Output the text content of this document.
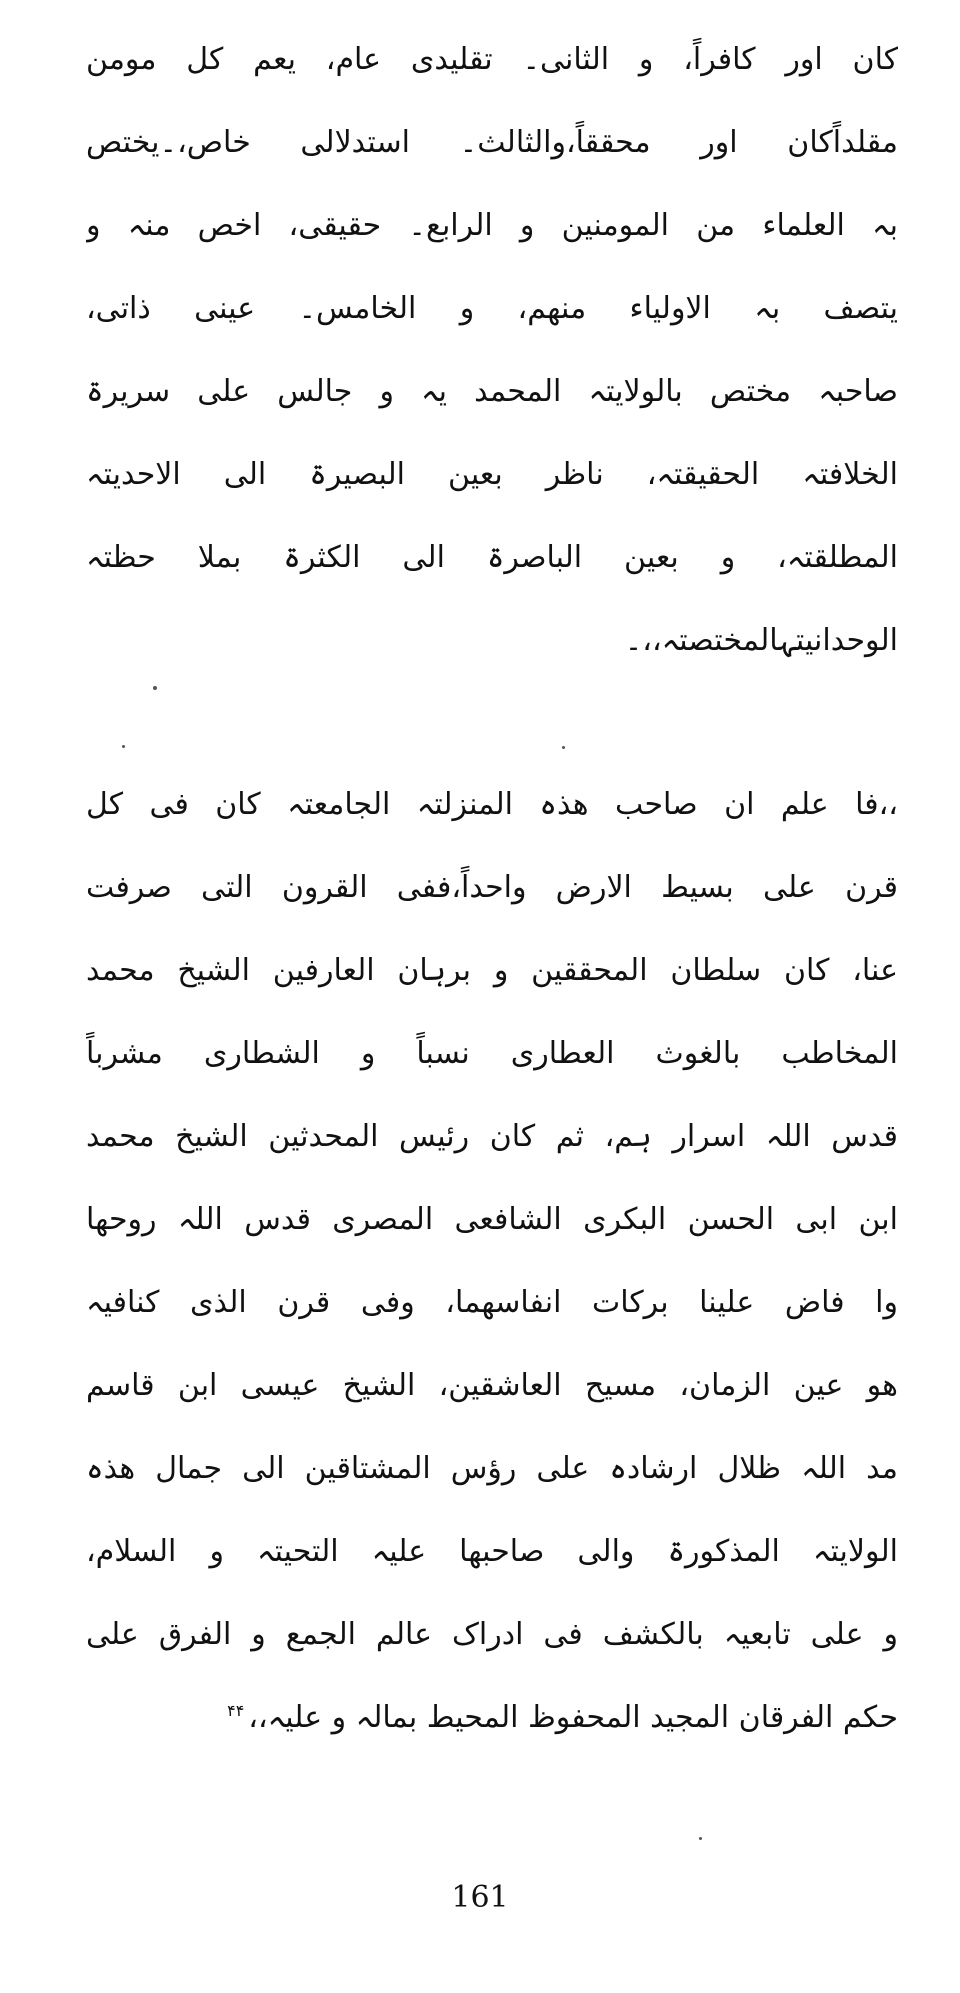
کان اور کافراً، و الثانی۔ تقلیدی عام، یعم کل مومن
مقلداًکان اور محققاً،والثالث۔ استدلالی خاص،۔یختص
بہ العلماء من المومنین و الرابع۔ حقیقی، اخص منہ و
یتصف بہ الاولیاء منھم، و الخامس۔ عینی ذاتی،
صاحبہ مختص بالولایتہ المحمد یہ و جالس علی سریرۃ
الخلافتہ الحقیقتہ، ناظر بعین البصیرۃ الی الاحدیتہ
المطلقتہ، و بعین الباصرۃ الی الکثرۃ بملا حظتہ
الوحدانیتہالمختصتہ،،۔
،،فا علم ان صاحب ھذہ المنزلتہ الجامعتہ کان فی کل
قرن علی بسیط الارض واحداً،ففی القرون التی صرفت
عنا، کان سلطان المحققین و برہان العارفین الشیخ محمد
المخاطب بالغوث العطاری نسباً و الشطاری مشرباً
قدس اللہ اسرار ہم، ثم کان رئیس المحدثین الشیخ محمد
ابن ابی الحسن البکری الشافعی المصری قدس اللہ روحھا
وا فاض علینا برکات انفاسھما، وفی قرن الذی کنافیہ
ھو عین الزمان، مسیح العاشقین، الشیخ عیسی ابن قاسم
مد اللہ ظلال ارشادہ علی رؤس المشتاقین الی جمال ھذہ
الولایتہ المذکورۃ والی صاحبھا علیہ التحیتہ و السلام،
و علی تابعیہ بالکشف فی ادراک عالم الجمع و الفرق علی
حکم الفرقان المجید المحفوظ المحیط بمالہ و علیہ،،$^{۴۴}$
161
